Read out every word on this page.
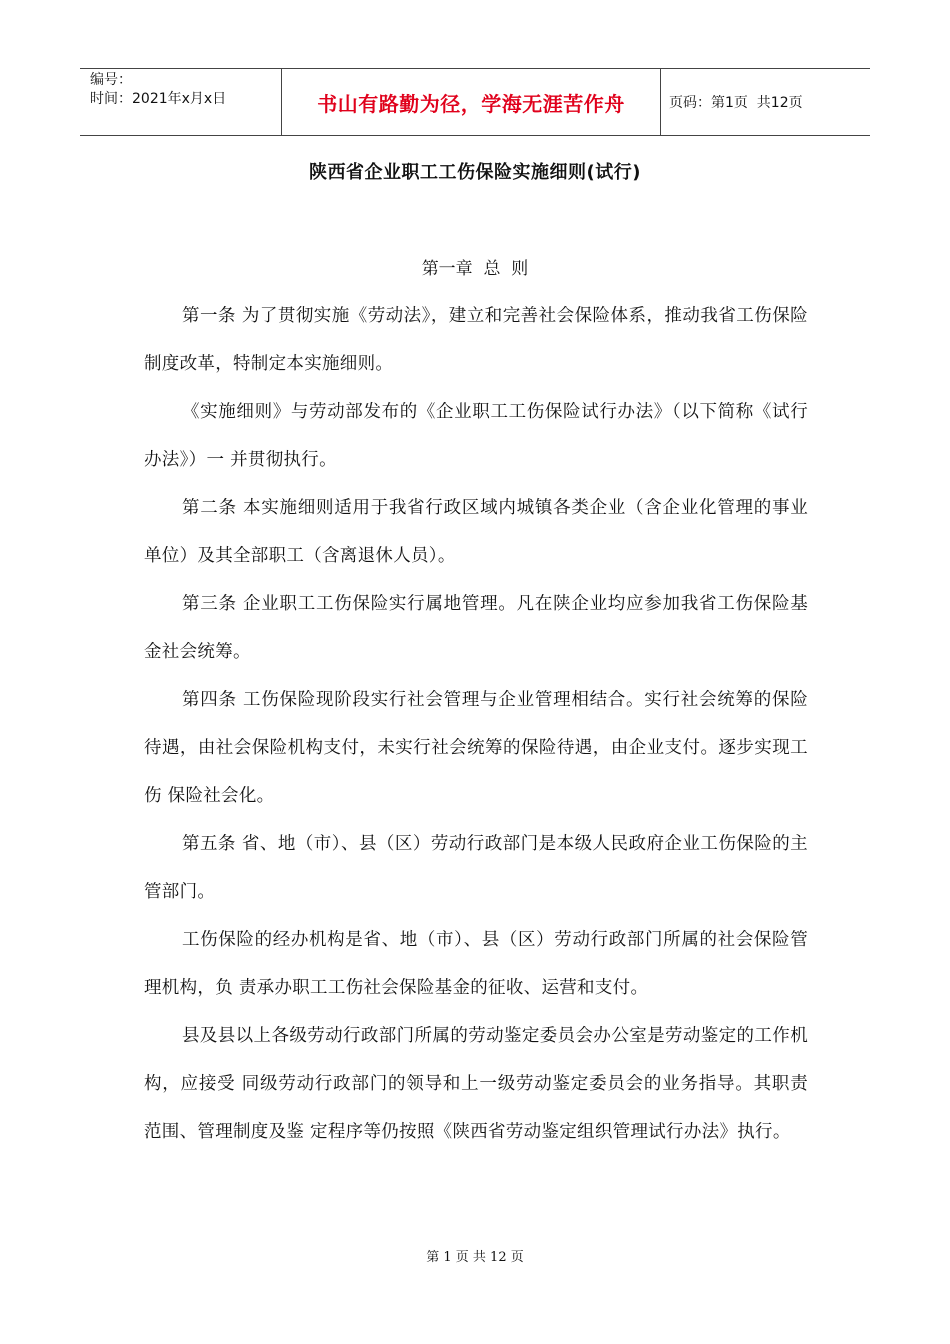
编号：
时间：2021年x月x日	书山有路勤为径，学海无涯苦作舟	页码：第1页  共12页
陕西省企业职工工伤保险实施细则(试行)
第一章  总  则

第一条 为了贯彻实施《劳动法》，建立和完善社会保险体系，推动我省工伤保险制度改革，特制定本实施细则。

《实施细则》与劳动部发布的《企业职工工伤保险试行办法》（以下简称《试行办法》）一 并贯彻执行。

第二条 本实施细则适用于我省行政区域内城镇各类企业（含企业化管理的事业单位）及其全部职工（含离退休人员）。

第三条 企业职工工伤保险实行属地管理。凡在陕企业均应参加我省工伤保险基金社会统筹。

第四条 工伤保险现阶段实行社会管理与企业管理相结合。实行社会统筹的保险待遇，由社会保险机构支付，未实行社会统筹的保险待遇，由企业支付。逐步实现工伤 保险社会化。

第五条 省、地（市）、县（区）劳动行政部门是本级人民政府企业工伤保险的主管部门。

工伤保险的经办机构是省、地（市）、县（区）劳动行政部门所属的社会保险管理机构，负 责承办职工工伤社会保险基金的征收、运营和支付。

县及县以上各级劳动行政部门所属的劳动鉴定委员会办公室是劳动鉴定的工作机构，应接受 同级劳动行政部门的领导和上一级劳动鉴定委员会的业务指导。其职责范围、管理制度及鉴 定程序等仍按照《陕西省劳动鉴定组织管理试行办法》执行。

第 1 页 共 12 页
